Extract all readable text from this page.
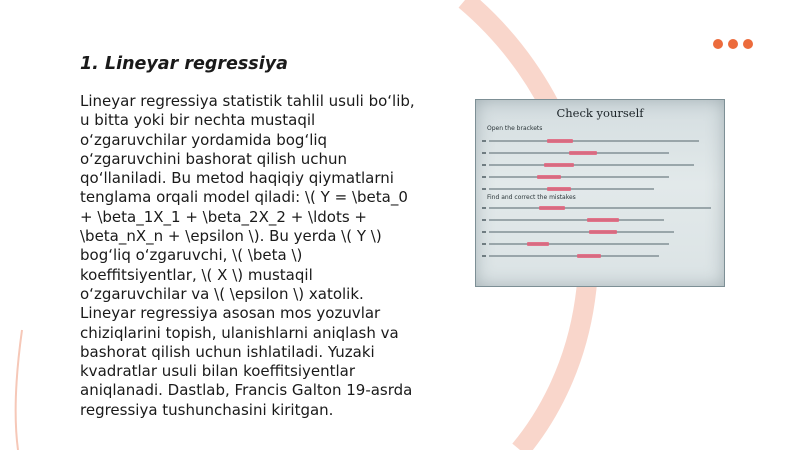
1. Lineyar regressiya

Lineyar regressiya statistik tahlil usuli bo‘lib, u bitta yoki bir nechta mustaqil o‘zgaruvchilar yordamida bog‘liq o‘zgaruvchini bashorat qilish uchun qo‘llaniladi. Bu metod haqiqiy qiymatlarni tenglama orqali model qiladi: \( Y = \beta_0 + \beta_1X_1 + \beta_2X_2 + \ldots + \beta_nX_n + \epsilon \). Bu yerda \( Y \) bog‘liq o‘zgaruvchi, \( \beta \) koeffitsiyentlar, \( X \) mustaqil o‘zgaruvchilar va \( \epsilon \) xatolik. Lineyar regressiya asosan mos yozuvlar chiziqlarini topish, ulanishlarni aniqlash va bashorat qilish uchun ishlatiladi. Yuzaki kvadratlar usuli bilan koeffitsiyentlar aniqlanadi. Dastlab, Francis Galton 19-asrda regressiya tushunchasini kiritgan.

Check yourself
Open the brackets
Find and correct the mistakes
